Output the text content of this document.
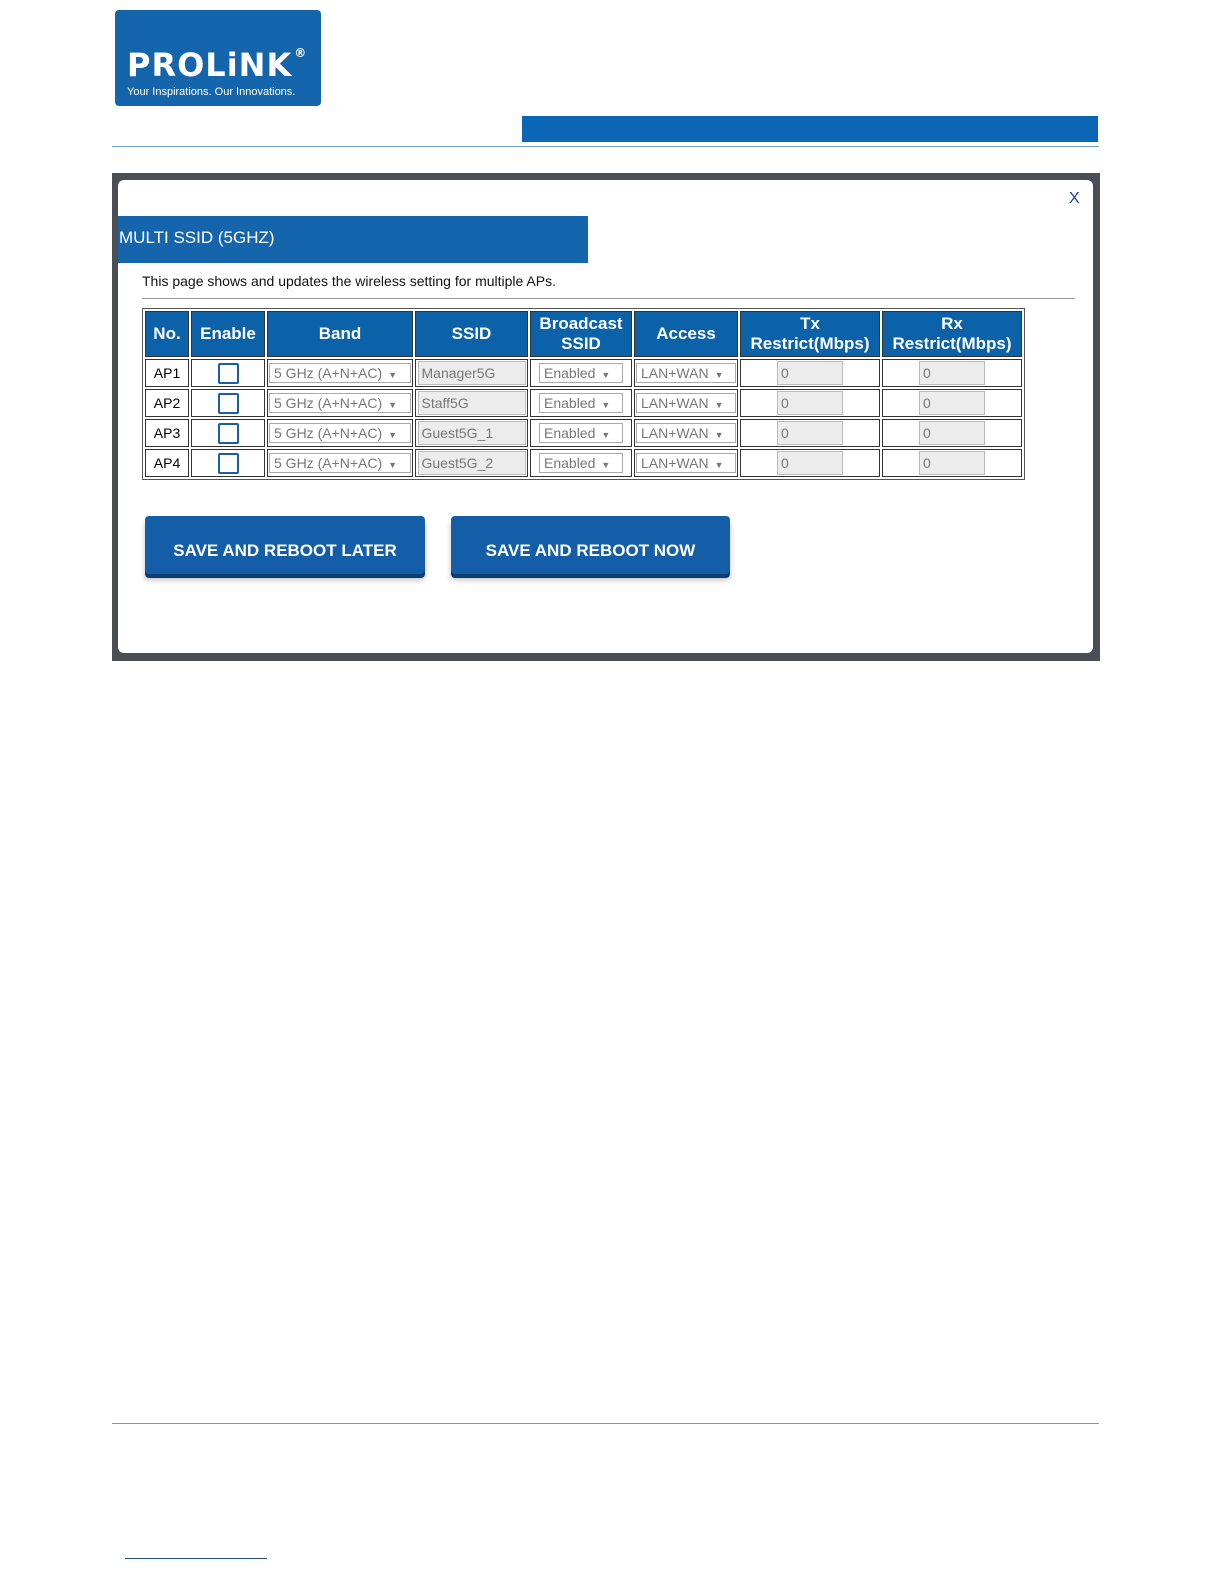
PROLiNK ®
Your Inspirations. Our Innovations.
X
MULTI SSID (5GHZ)
This page shows and updates the wireless setting for multiple APs.
No.	Enable	Band	SSID	Broadcast SSID	Access	Tx Restrict(Mbps)	Rx Restrict(Mbps)

AP1		5 GHz (A+N+AC) ▼	Manager5G	Enabled ▼	LAN+WAN ▼	0	0
AP2		5 GHz (A+N+AC) ▼	Staff5G	Enabled ▼	LAN+WAN ▼	0	0
AP3		5 GHz (A+N+AC) ▼	Guest5G_1	Enabled ▼	LAN+WAN ▼	0	0
AP4		5 GHz (A+N+AC) ▼	Guest5G_2	Enabled ▼	LAN+WAN ▼	0	0
SAVE AND REBOOT LATER	SAVE AND REBOOT NOW
